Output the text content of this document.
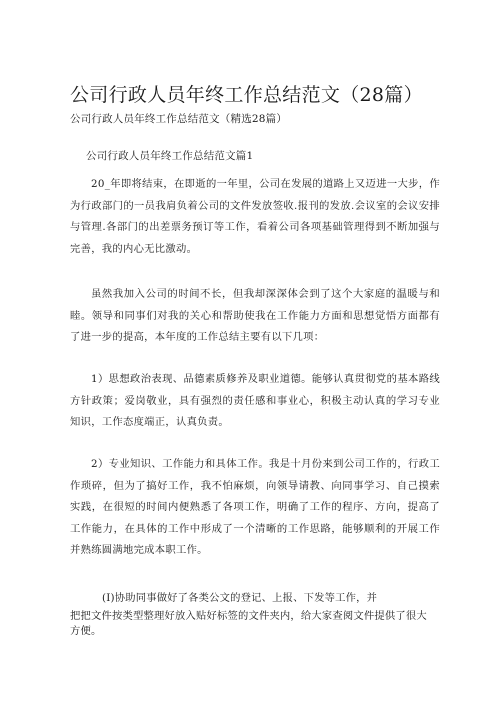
公司行政人员年终工作总结范文（28篇）
公司行政人员年终工作总结范文（精选28篇）
公司行政人员年终工作总结范文篇1

20_年即将结束，在即逝的一年里，公司在发展的道路上又迈进一大步，作为行政部门的一员我肩负着公司的文件发放签收.报刊的发放.会议室的会议安排与管理.各部门的出差票务预订等工作，看着公司各项基础管理得到不断加强与完善，我的内心无比激动。

虽然我加入公司的时间不长，但我却深深体会到了这个大家庭的温暖与和睦。领导和同事们对我的关心和帮助使我在工作能力方面和思想觉悟方面都有了进一步的提高，本年度的工作总结主要有以下几项：

1）思想政治表现、品德素质修养及职业道德。能够认真贯彻党的基本路线方针政策；爱岗敬业，具有强烈的责任感和事业心，积极主动认真的学习专业知识，工作态度端正，认真负责。

2）专业知识、工作能力和具体工作。我是十月份来到公司工作的，行政工作琐碎，但为了搞好工作，我不怕麻烦，向领导请教、向同事学习、自己摸索实践，在很短的时间内便熟悉了各项工作，明确了工作的程序、方向，提高了工作能力，在具体的工作中形成了一个清晰的工作思路，能够顺利的开展工作并熟练圆满地完成本职工作。

(I)协助同事做好了各类公文的登记、上报、下发等工作，并

把把文件按类型整理好放入贴好标签的文件夹内，给大家查阅文件提供了很大方便。
